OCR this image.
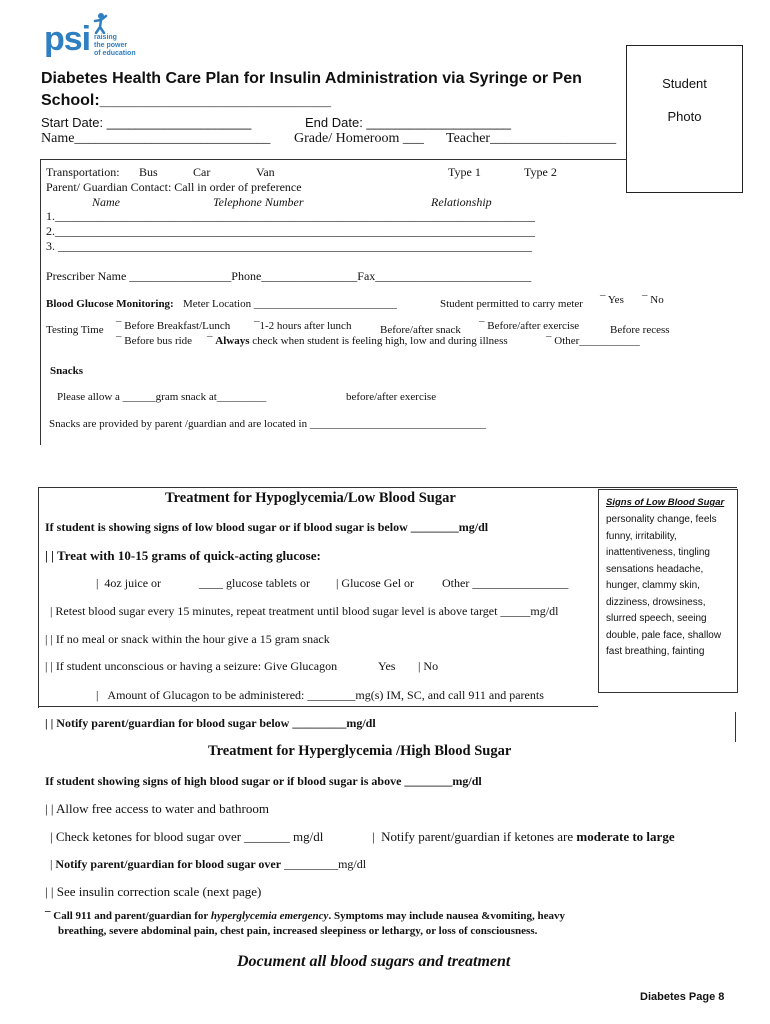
psi raising
the power
of education
Diabetes Health Care Plan for Insulin Administration via Syringe or Pen
School:__________________________
Start Date: ____________________	End Date: ____________________
Name____________________________ Grade/ Homeroom ___ Teacher__________________
Student
Photo
Transportation: Bus	Car	Van	Type 1	Type 2
Parent/ Guardian Contact: Call in order of preference
Name	Telephone Number	Relationship
1.________________________________________________________________________________
2.________________________________________________________________________________
3. _______________________________________________________________________________
Prescriber Name _________________Phone________________Fax__________________________
Blood Glucose Monitoring: Meter Location __________________________	Student permitted to carry meter ¯ Yes ¯ No
Testing Time ¯ Before Breakfast/Lunch ¯1-2 hours after lunch	Before/after snack ¯ Before/after exercise	Before recess
¯ Before bus ride ¯ Always check when student is feeling high, low and during illness	¯ Other___________
Snacks
Please allow a ______gram snack at_________	before/after exercise
Snacks are provided by parent /guardian and are located in ________________________________
Treatment for Hypoglycemia/Low Blood Sugar
If student is showing signs of low blood sugar or if blood sugar is below ________mg/dl
| | Treat with 10-15 grams of quick-acting glucose:
|  4oz juice or	____ glucose tablets or | Glucose Gel or Other ________________
| Retest blood sugar every 15 minutes, repeat treatment until blood sugar level is above target _____mg/dl
| | If no meal or snack within the hour give a 15 gram snack
| | If student unconscious or having a seizure: Give Glucagon	Yes | No
|   Amount of Glucagon to be administered: ________mg(s) IM, SC, and call 911 and parents
| | Notify parent/guardian for blood sugar below _________mg/dl
Signs of Low Blood Sugar
personality change, feels funny, irritability, inattentiveness, tingling sensations headache, hunger, clammy skin, dizziness, drowsiness, slurred speech, seeing double, pale face, shallow fast breathing, fainting
Treatment for Hyperglycemia /High Blood Sugar
If student showing signs of high blood sugar or if blood sugar is above ________mg/dl
| | Allow free access to water and bathroom
| Check ketones for blood sugar over _______ mg/dl	|  Notify parent/guardian if ketones are moderate to large
| Notify parent/guardian for blood sugar over _________mg/dl
| | See insulin correction scale (next page)
¯ Call 911 and parent/guardian for hyperglycemia emergency. Symptoms may include nausea &vomiting, heavy
breathing, severe abdominal pain, chest pain, increased sleepiness or lethargy, or loss of consciousness.
Document all blood sugars and treatment
Diabetes Page 8
